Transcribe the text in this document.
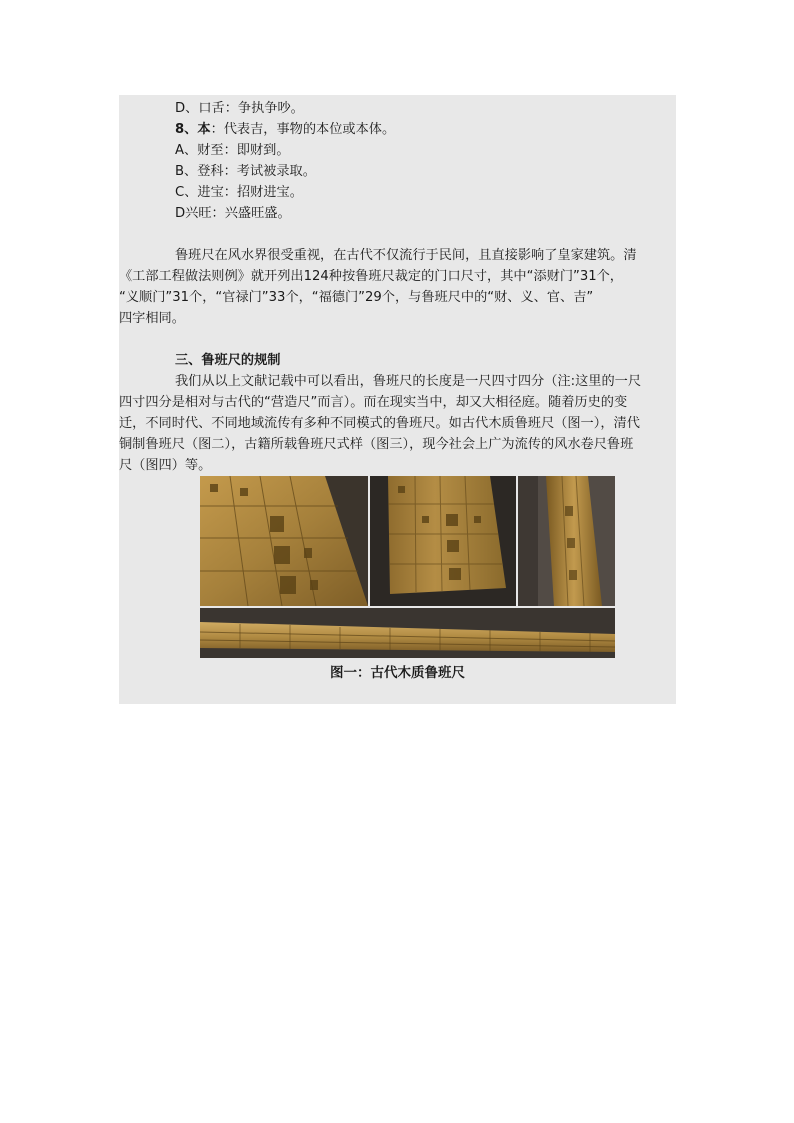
D、口舌：争执争吵。
8、本：代表吉，事物的本位或本体。
A、财至：即财到。
B、登科：考试被录取。
C、进宝：招财进宝。
D兴旺：兴盛旺盛。
鲁班尺在风水界很受重视，在古代不仅流行于民间，且直接影响了皇家建筑。清
《工部工程做法则例》就开列出124种按鲁班尺裁定的门口尺寸，其中“添财门”31个，
“义顺门”31个，“官禄门”33个，“福德门”29个，与鲁班尺中的“财、义、官、吉”
四字相同。
三、鲁班尺的规制
我们从以上文献记载中可以看出，鲁班尺的长度是一尺四寸四分（注:这里的一尺
四寸四分是相对与古代的“营造尺”而言）。而在现实当中，却又大相径庭。随着历史的变
迁，不同时代、不同地域流传有多种不同模式的鲁班尺。如古代木质鲁班尺（图一），清代
铜制鲁班尺（图二），古籍所载鲁班尺式样（图三），现今社会上广为流传的风水卷尺鲁班
尺（图四）等。
图一：古代木质鲁班尺
